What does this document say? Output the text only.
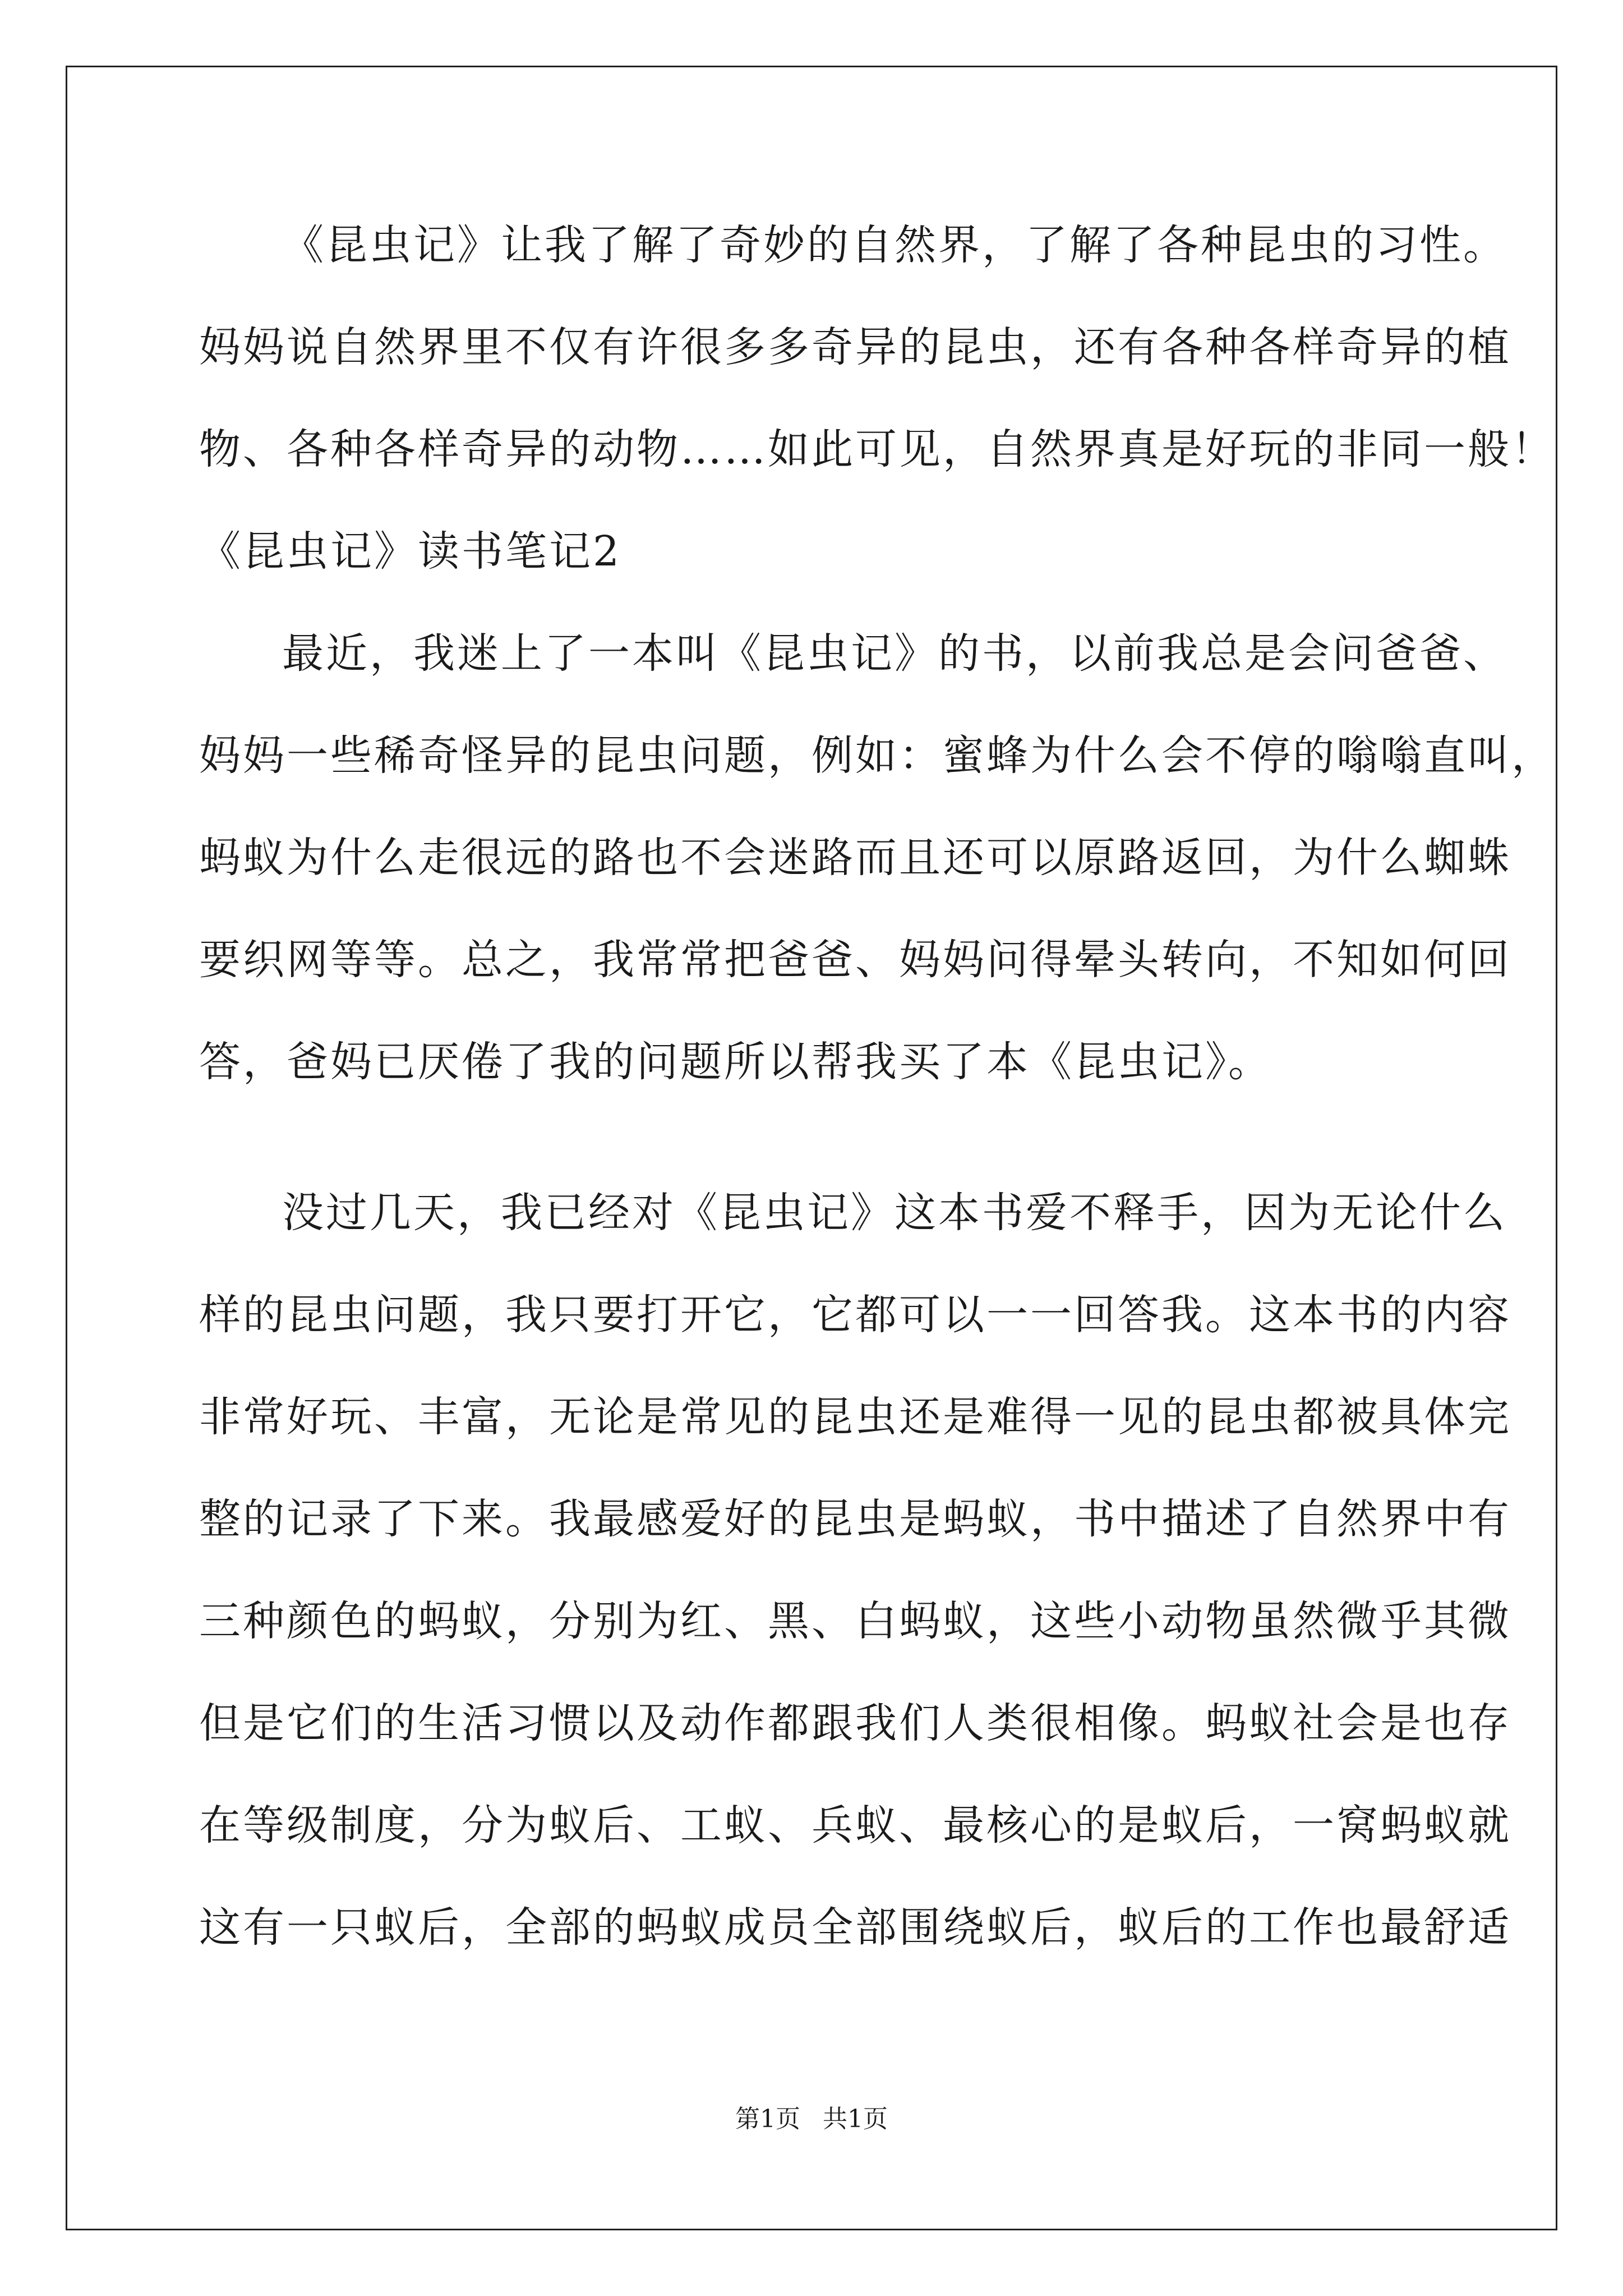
《昆虫记》让我了解了奇妙的自然界，了解了各种昆虫的习性。
妈妈说自然界里不仅有许很多多奇异的昆虫，还有各种各样奇异的植
物、各种各样奇异的动物……如此可见，自然界真是好玩的非同一般！
《昆虫记》读书笔记2
最近，我迷上了一本叫《昆虫记》的书，以前我总是会问爸爸、
妈妈一些稀奇怪异的昆虫问题，例如：蜜蜂为什么会不停的嗡嗡直叫，
蚂蚁为什么走很远的路也不会迷路而且还可以原路返回，为什么蜘蛛
要织网等等。总之，我常常把爸爸、妈妈问得晕头转向，不知如何回
答，爸妈已厌倦了我的问题所以帮我买了本《昆虫记》。
没过几天，我已经对《昆虫记》这本书爱不释手，因为无论什么
样的昆虫问题，我只要打开它，它都可以一一回答我。这本书的内容
非常好玩、丰富，无论是常见的昆虫还是难得一见的昆虫都被具体完
整的记录了下来。我最感爱好的昆虫是蚂蚁，书中描述了自然界中有
三种颜色的蚂蚁，分别为红、黑、白蚂蚁，这些小动物虽然微乎其微
但是它们的生活习惯以及动作都跟我们人类很相像。蚂蚁社会是也存
在等级制度，分为蚁后、工蚁、兵蚁、最核心的是蚁后，一窝蚂蚁就
这有一只蚁后，全部的蚂蚁成员全部围绕蚁后，蚁后的工作也最舒适
第1页 共1页
